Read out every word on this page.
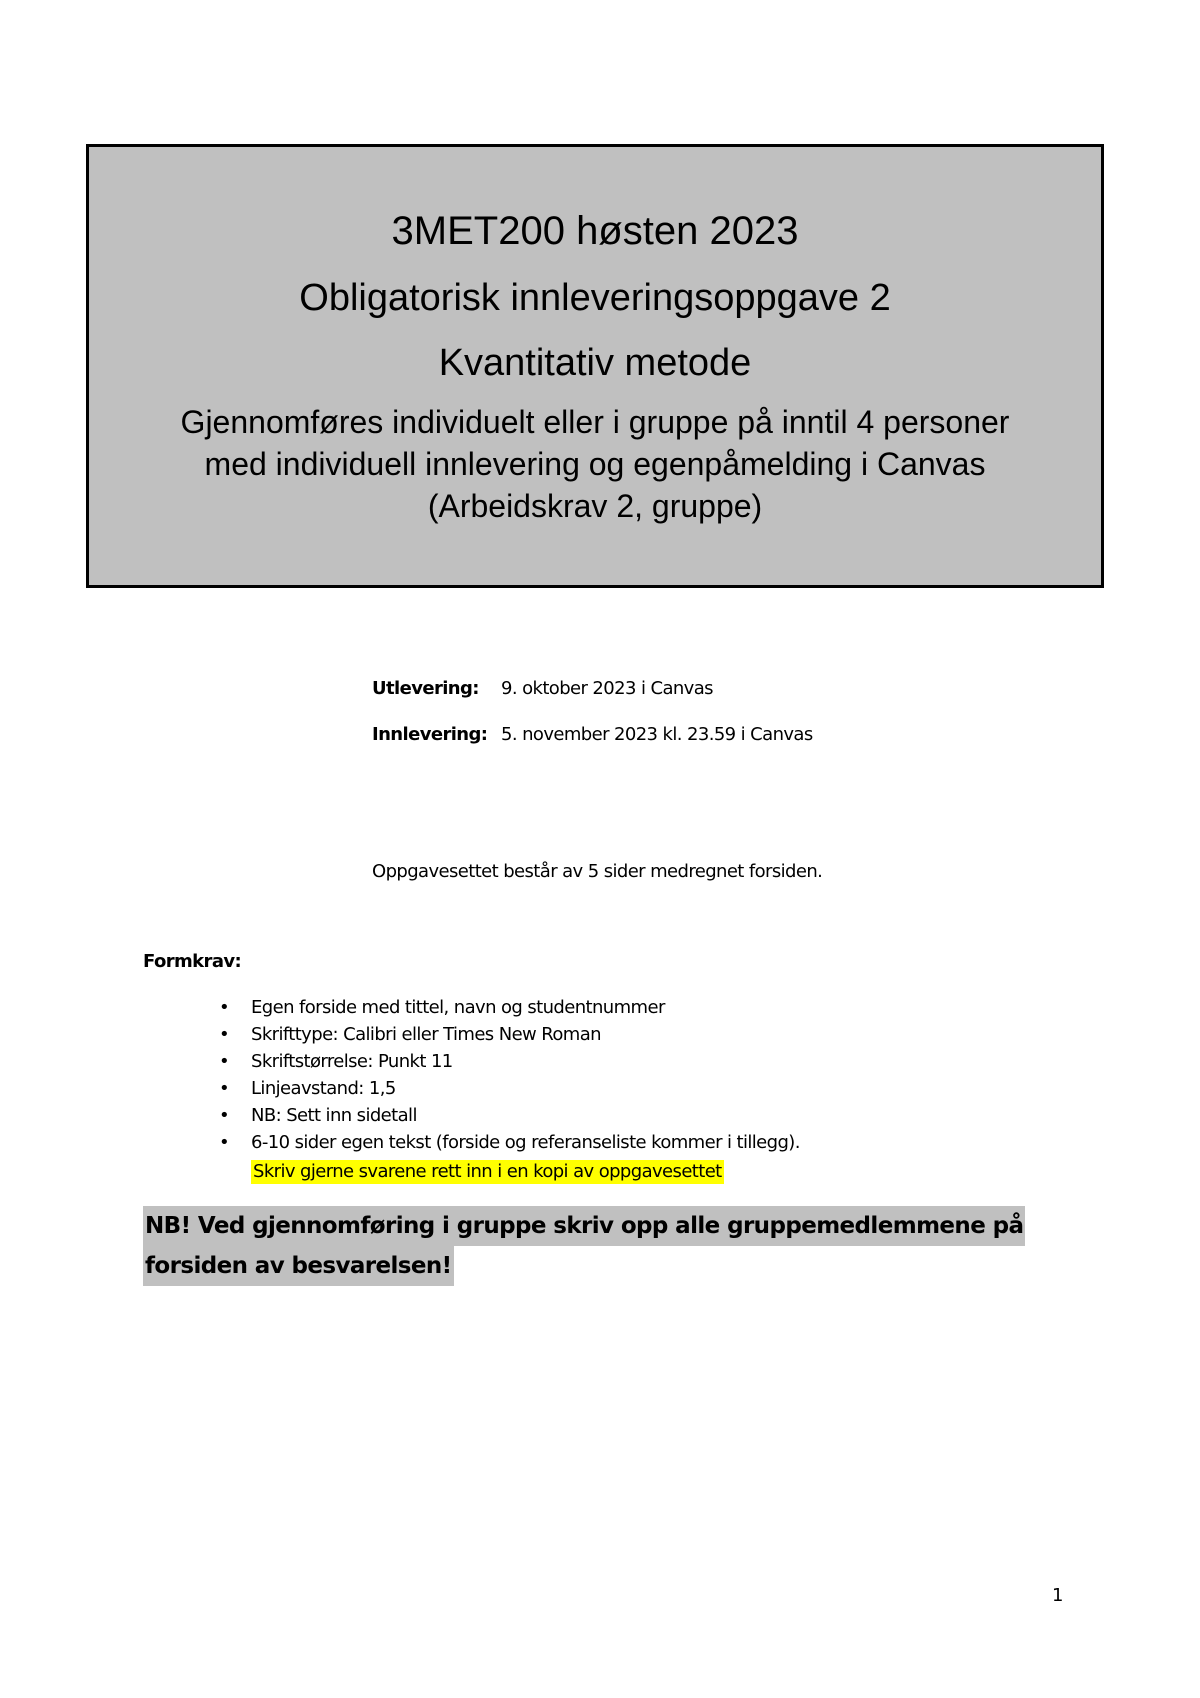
3MET200 høsten 2023
Obligatorisk innleveringsoppgave 2
Kvantitativ metode
Gjennomføres individuelt eller i gruppe på inntil 4 personer
med individuell innlevering og egenpåmelding i Canvas
(Arbeidskrav 2, gruppe)
Utlevering:	9. oktober 2023 i Canvas
Innlevering: 5. november 2023 kl. 23.59 i Canvas
Oppgavesettet består av 5 sider medregnet forsiden.
Formkrav:
• Egen forside med tittel, navn og studentnummer
• Skrifttype: Calibri eller Times New Roman
• Skriftstørrelse: Punkt 11
• Linjeavstand: 1,5
• NB: Sett inn sidetall
• 6-10 sider egen tekst (forside og referanseliste kommer i tillegg).
Skriv gjerne svarene rett inn i en kopi av oppgavesettet
NB! Ved gjennomføring i gruppe skriv opp alle gruppemedlemmene på
forsiden av besvarelsen!
1
